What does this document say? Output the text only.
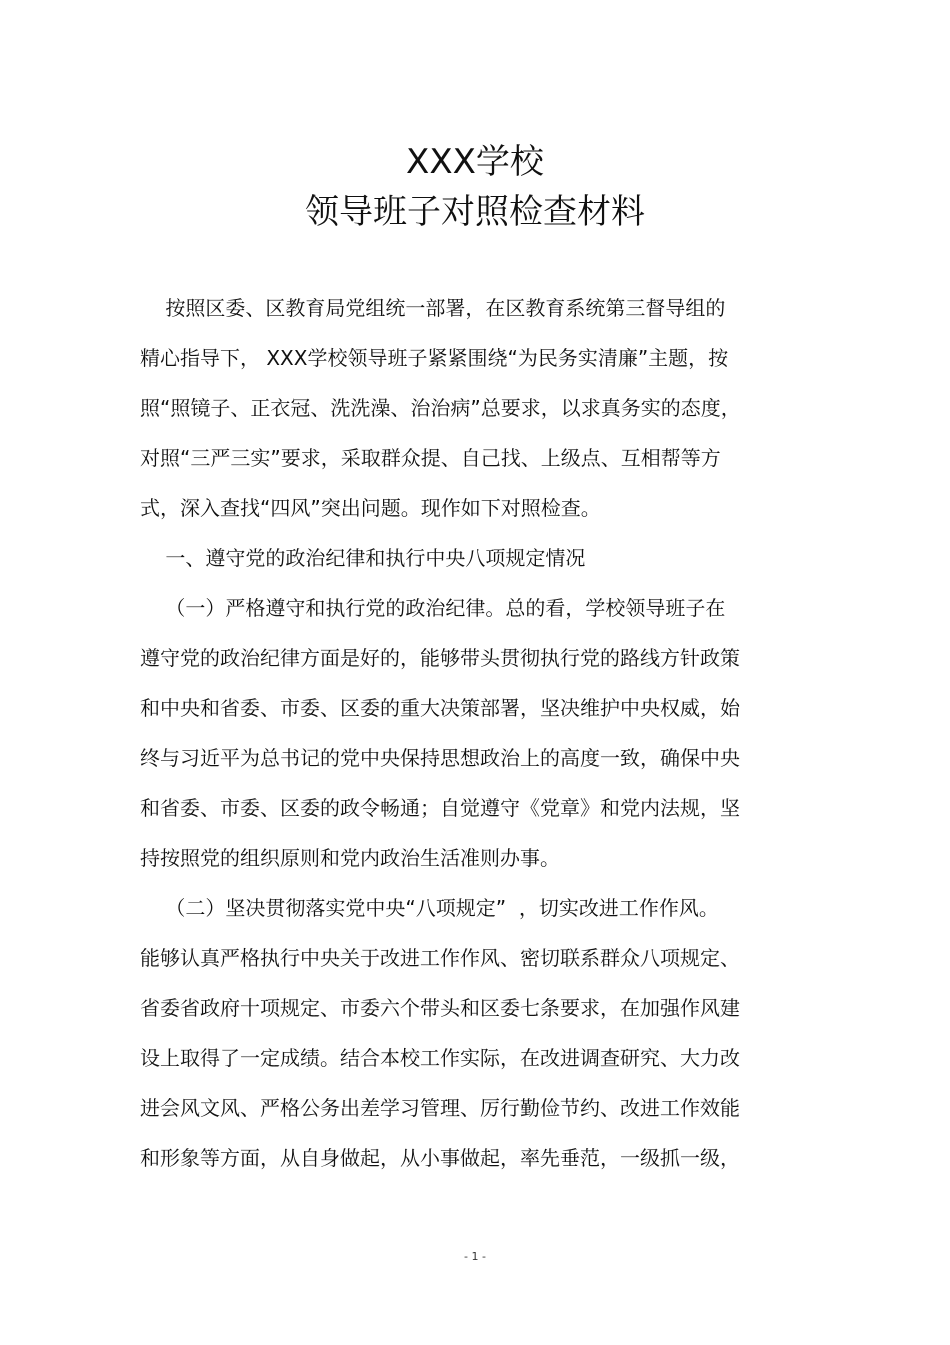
XXX学校
领导班子对照检查材料
按照区委、区教育局党组统一部署，在区教育系统第三督导组的
精心指导下， XXX学校领导班子紧紧围绕“为民务实清廉”主题，按
照“照镜子、正衣冠、洗洗澡、治治病”总要求，以求真务实的态度，
对照“三严三实”要求，采取群众提、自己找、上级点、互相帮等方
式，深入查找“四风”突出问题。现作如下对照检查。
一、遵守党的政治纪律和执行中央八项规定情况
（一）严格遵守和执行党的政治纪律。总的看，学校领导班子在
遵守党的政治纪律方面是好的，能够带头贯彻执行党的路线方针政策
和中央和省委、市委、区委的重大决策部署，坚决维护中央权威，始
终与习近平为总书记的党中央保持思想政治上的高度一致，确保中央
和省委、市委、区委的政令畅通；自觉遵守《党章》和党内法规，坚
持按照党的组织原则和党内政治生活准则办事。
（二）坚决贯彻落实党中央“八项规定”  ，切实改进工作作风。
能够认真严格执行中央关于改进工作作风、密切联系群众八项规定、
省委省政府十项规定、市委六个带头和区委七条要求，在加强作风建
设上取得了一定成绩。结合本校工作实际，在改进调查研究、大力改
进会风文风、严格公务出差学习管理、厉行勤俭节约、改进工作效能
和形象等方面，从自身做起，从小事做起，率先垂范，一级抓一级，
- 1 -
